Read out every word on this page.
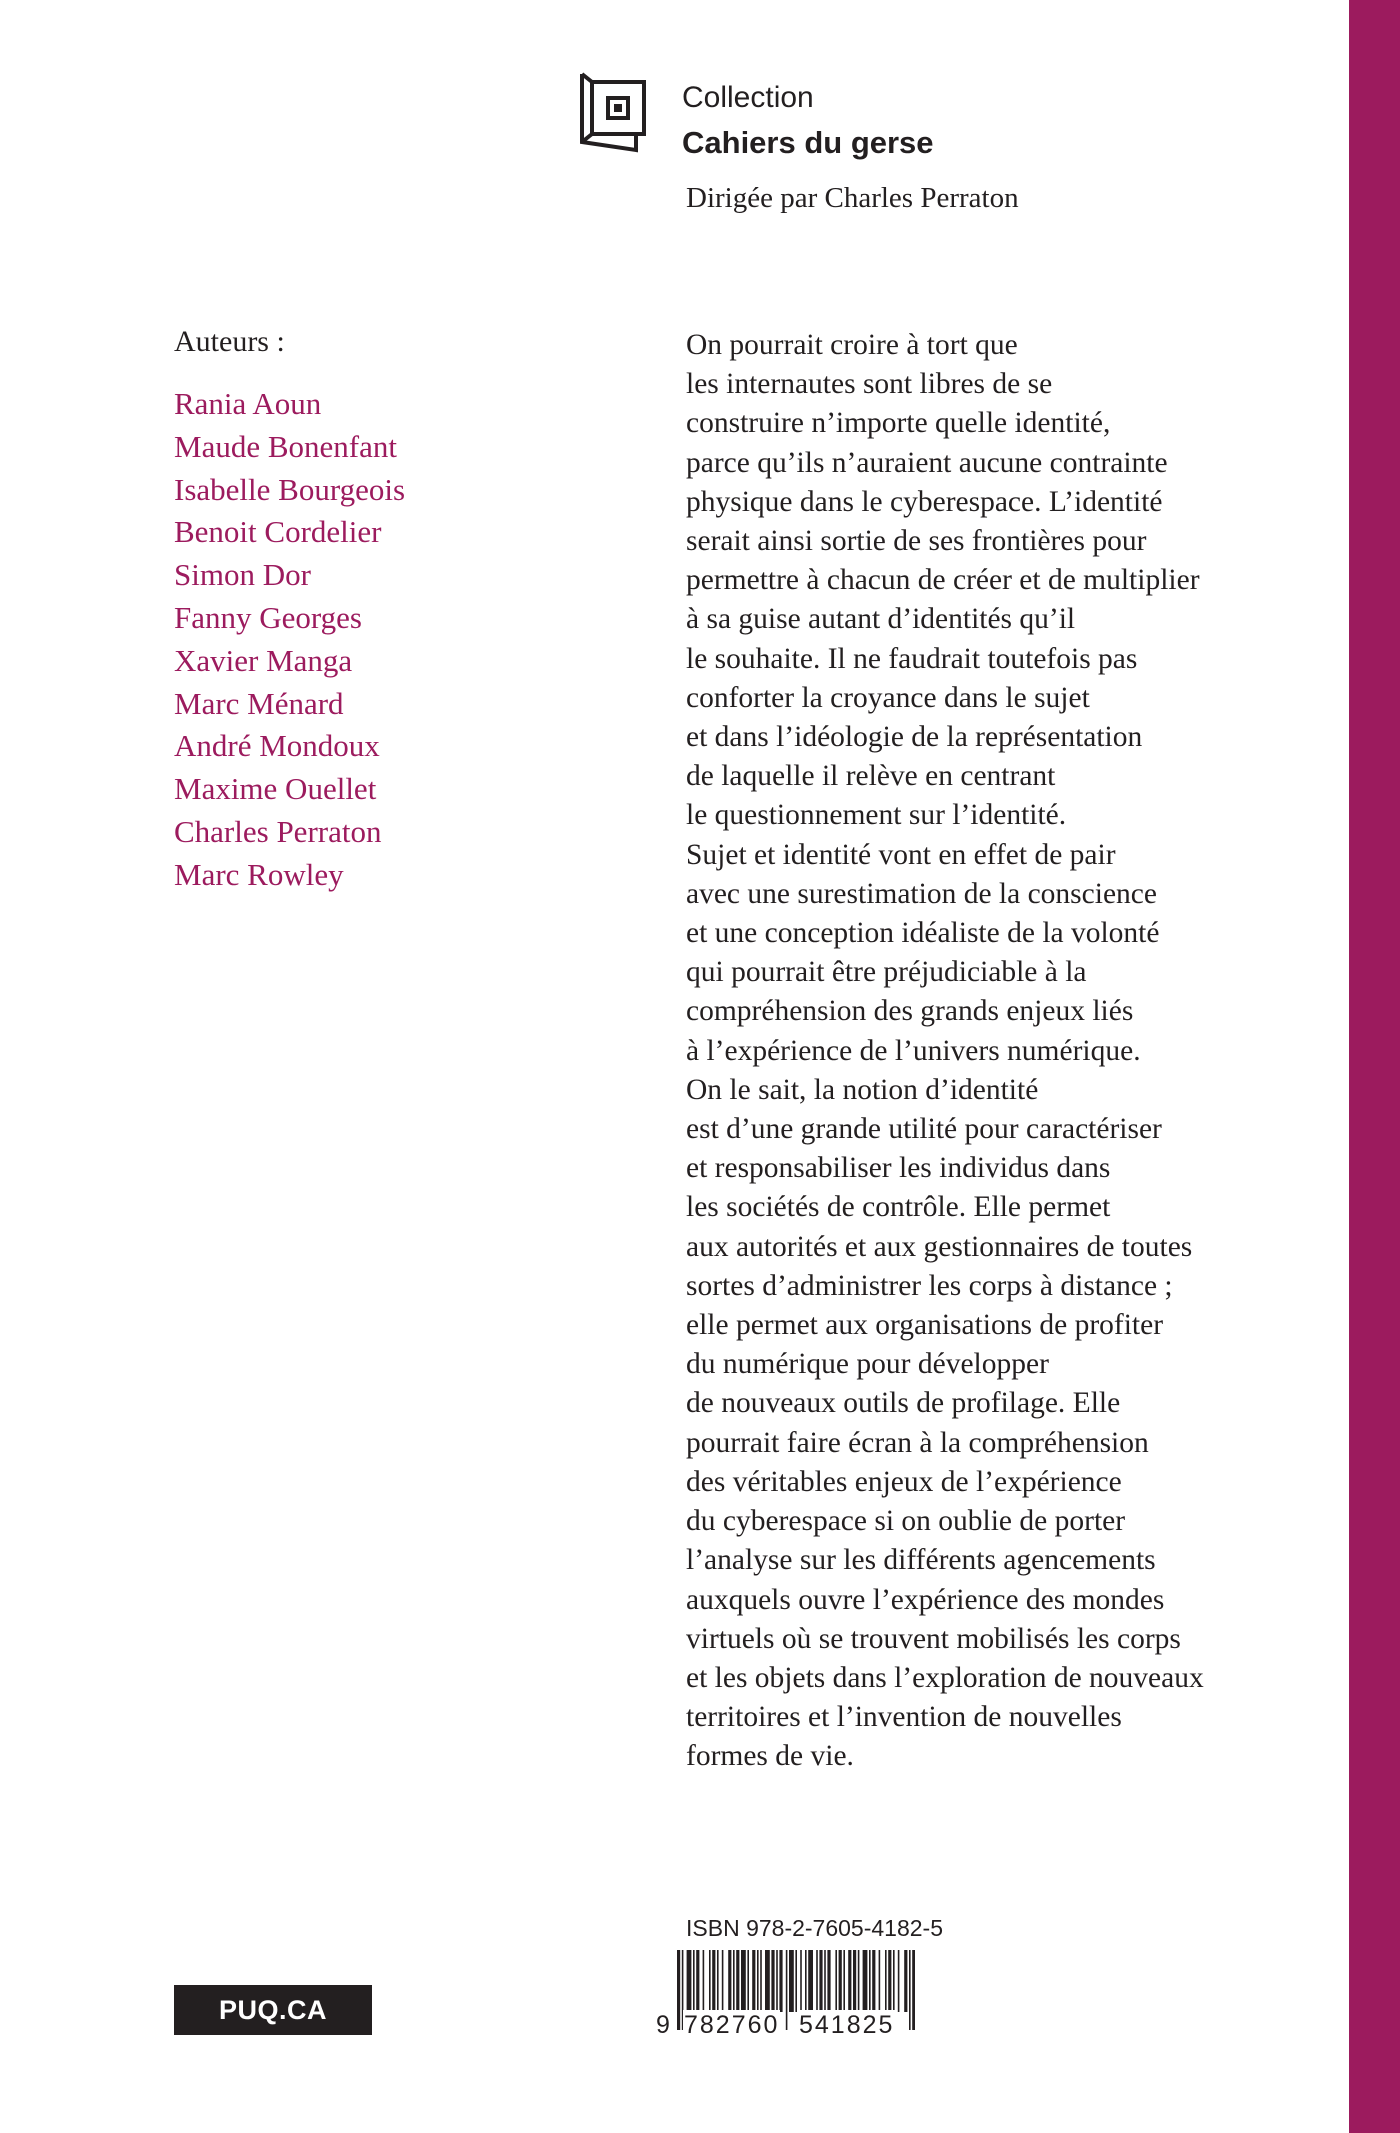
Collection
Cahiers du gerse
Dirigée par Charles Perraton
Auteurs :
Rania Aoun
Maude Bonenfant
Isabelle Bourgeois
Benoit Cordelier
Simon Dor
Fanny Georges
Xavier Manga
Marc Ménard
André Mondoux
Maxime Ouellet
Charles Perraton
Marc Rowley
On pourrait croire à tort que
les internautes sont libres de se
construire n’importe quelle identité,
parce qu’ils n’auraient aucune contrainte
physique dans le cyberespace. L’identité
serait ainsi sortie de ses frontières pour
permettre à chacun de créer et de multiplier
à sa guise autant d’identités qu’il
le souhaite. Il ne faudrait toutefois pas
conforter la croyance dans le sujet
et dans l’idéologie de la représentation
de laquelle il relève en centrant
le questionnement sur l’identité.
Sujet et identité vont en effet de pair
avec une surestimation de la conscience
et une conception idéaliste de la volonté
qui pourrait être préjudiciable à la
compréhension des grands enjeux liés
à l’expérience de l’univers numérique.
On le sait, la notion d’identité
est d’une grande utilité pour caractériser
et responsabiliser les individus dans
les sociétés de contrôle. Elle permet
aux autorités et aux gestionnaires de toutes
sortes d’administrer les corps à distance ;
elle permet aux organisations de profiter
du numérique pour développer
de nouveaux outils de profilage. Elle
pourrait faire écran à la compréhension
des véritables enjeux de l’expérience
du cyberespace si on oublie de porter
l’analyse sur les différents agencements
auxquels ouvre l’expérience des mondes
virtuels où se trouvent mobilisés les corps
et les objets dans l’exploration de nouveaux
territoires et l’invention de nouvelles
formes de vie.
ISBN 978-2-7605-4182-5
9 782760 541825
PUQ.CA
